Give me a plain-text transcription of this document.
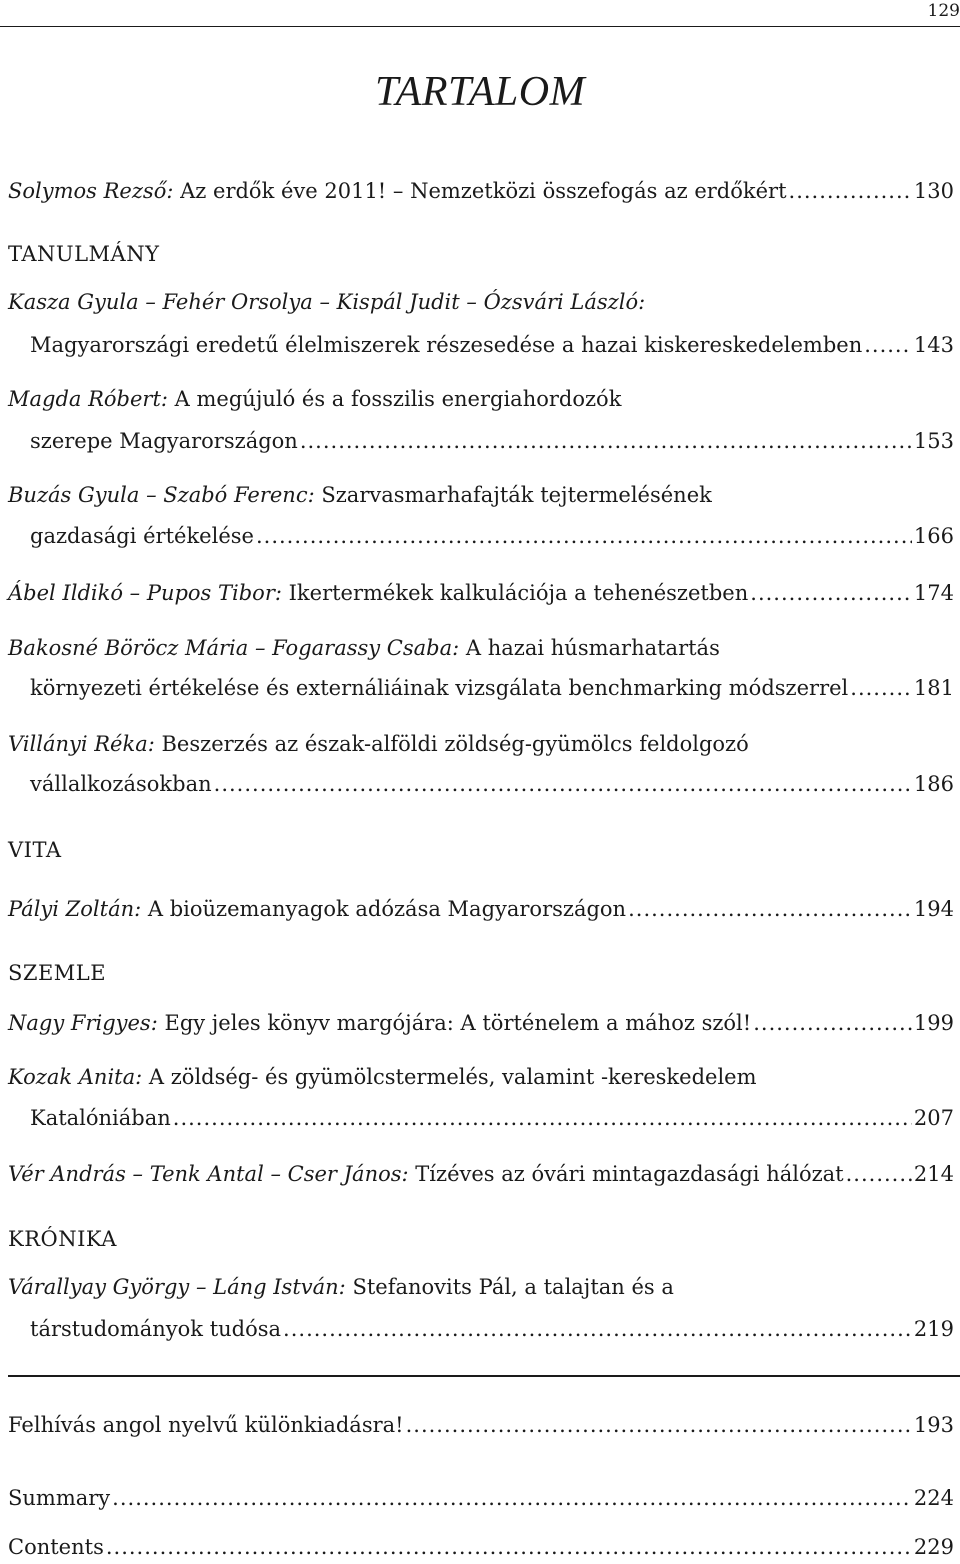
129
TARTALOM
Solymos Rezső:
Az erdők éve 2011! – Nemzetközi összefogás az erdőkért .....	130
TANULMÁNY
Kasza Gyula – Fehér Orsolya – Kispál Judit – Ózsvári László:
Magyarországi eredetű élelmiszerek részesedése a hazai kiskereskedelemben ..... 143
Magda Róbert:
A megújuló és a fosszilis energiahordozók
szerepe Magyarországon .....	153
Buzás Gyula – Szabó Ferenc:
Szarvasmarhafajták tejtermelésének
gazdasági értékelése .....	166
Ábel Ildikó – Pupos Tibor:
Ikertermékek kalkulációja a tehenészetben .....	174
Bakosné Böröcz Mária – Fogarassy Csaba:
A hazai húsmarhatartás
környezeti értékelése és externáliáinak vizsgálata benchmarking módszerrel .....	181
Villányi Réka:
Beszerzés az észak-alföldi zöldség-gyümölcs feldolgozó
vállalkozásokban .....	186
VITA
Pályi Zoltán:
A bioüzemanyagok adózása Magyarországon .....	194
SZEMLE
Nagy Frigyes:
Egy jeles könyv margójára: A történelem a mához szól! .....	199
Kozak Anita:
A zöldség- és gyümölcstermelés, valamint -kereskedelem
Katalóniában .....	207
Vér András – Tenk Antal – Cser János:
Tízéves az óvári mintagazdasági hálózat .....	214
KRÓNIKA
Várallyay György – Láng István:
Stefanovits Pál, a talajtan és a
társtudományok tudósa .....	219
Felhívás angol nyelvű különkiadásra! .....	193
Summary .....	224
Contents .....	229
